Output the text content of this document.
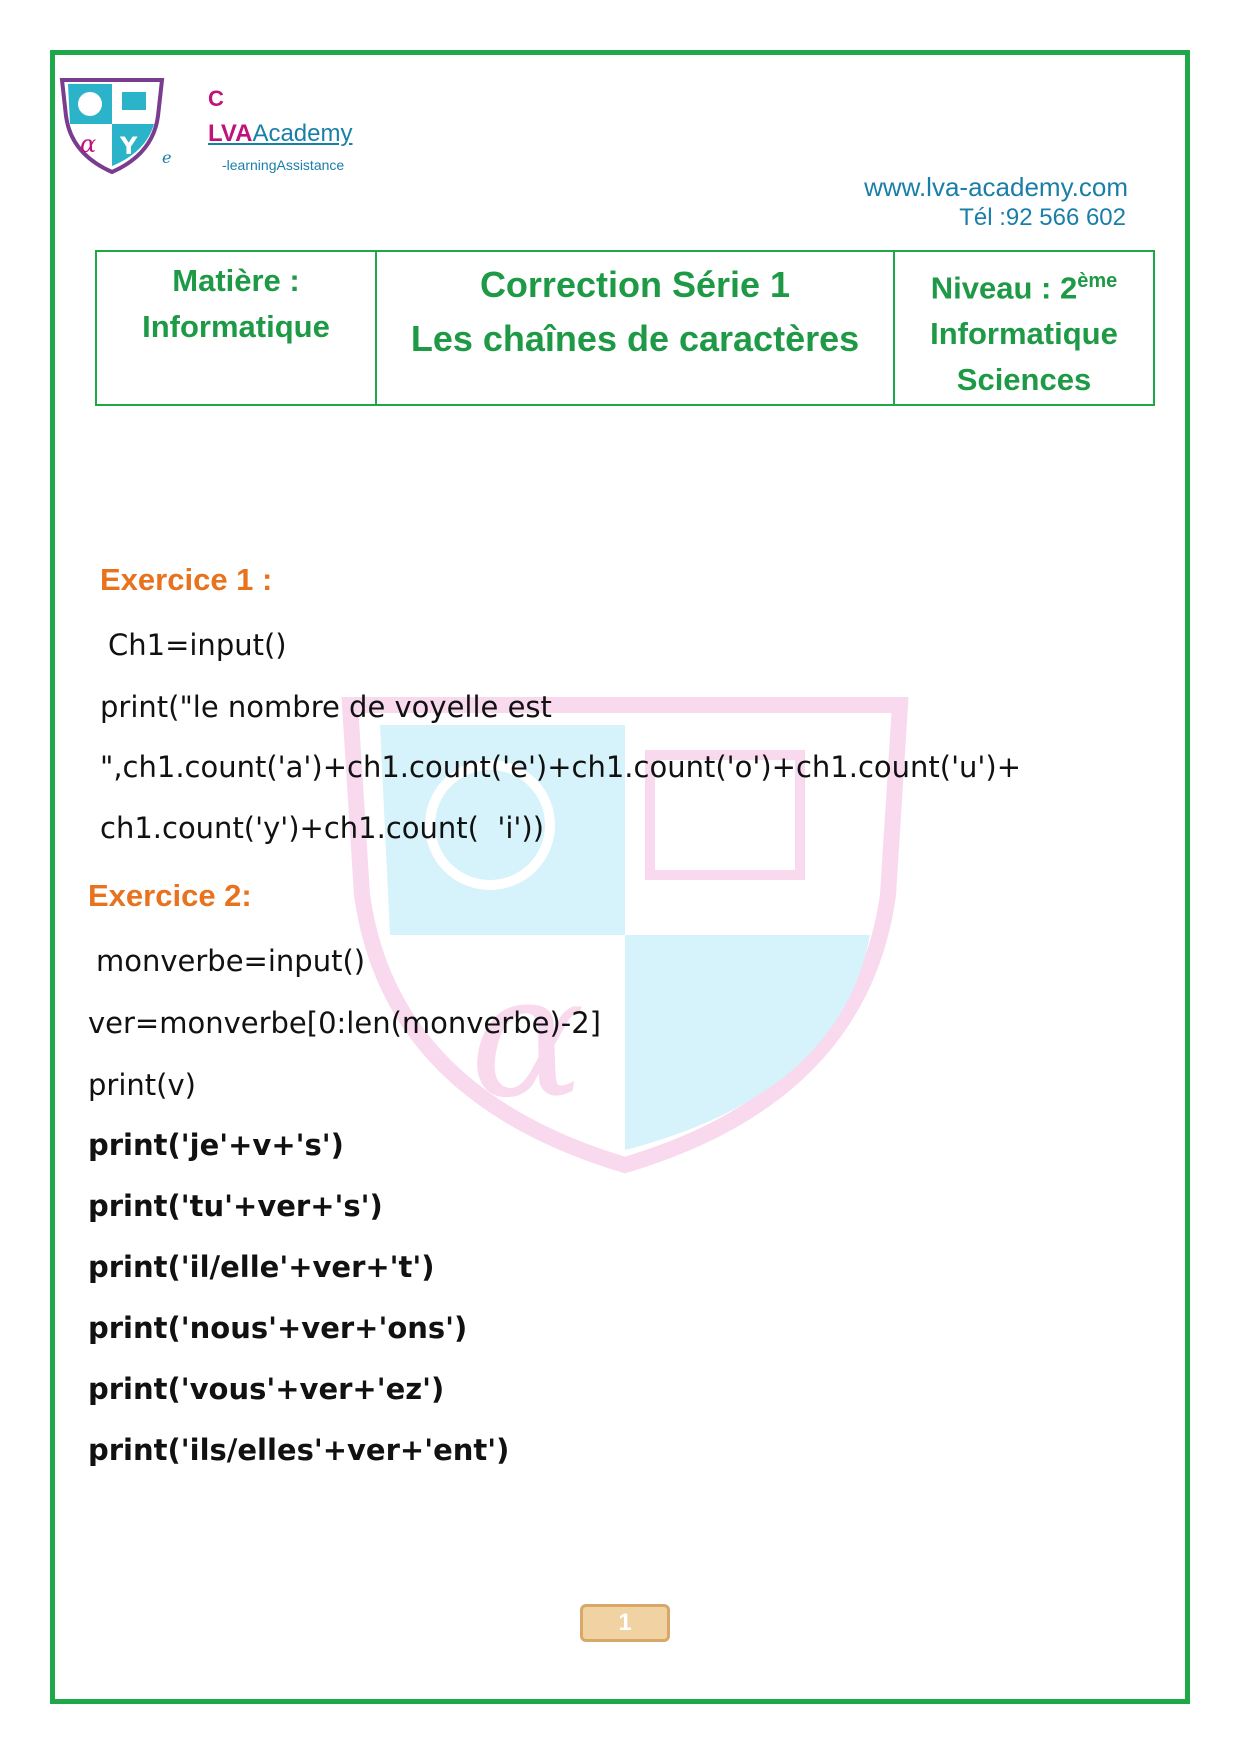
α Y
C
LVAAcademy
e	-learningAssistance
www.lva-academy.com
Tél :92 566 602
Matière :
Informatique

Correction Série 1
Les chaînes de caractères

Niveau : 2ème
Informatique
Sciences
α Y
Exercice 1 :
Ch1=input()
print("le nombre de voyelle est
",ch1.count('a')+ch1.count('e')+ch1.count('o')+ch1.count('u')+
ch1.count('y')+ch1.count(  'i'))
Exercice 2:
monverbe=input()
ver=monverbe[0:len(monverbe)-2]
print(v)
print('je'+v+'s')
print('tu'+ver+'s')
print('il/elle'+ver+'t')
print('nous'+ver+'ons')
print('vous'+ver+'ez')
print('ils/elles'+ver+'ent')
1
